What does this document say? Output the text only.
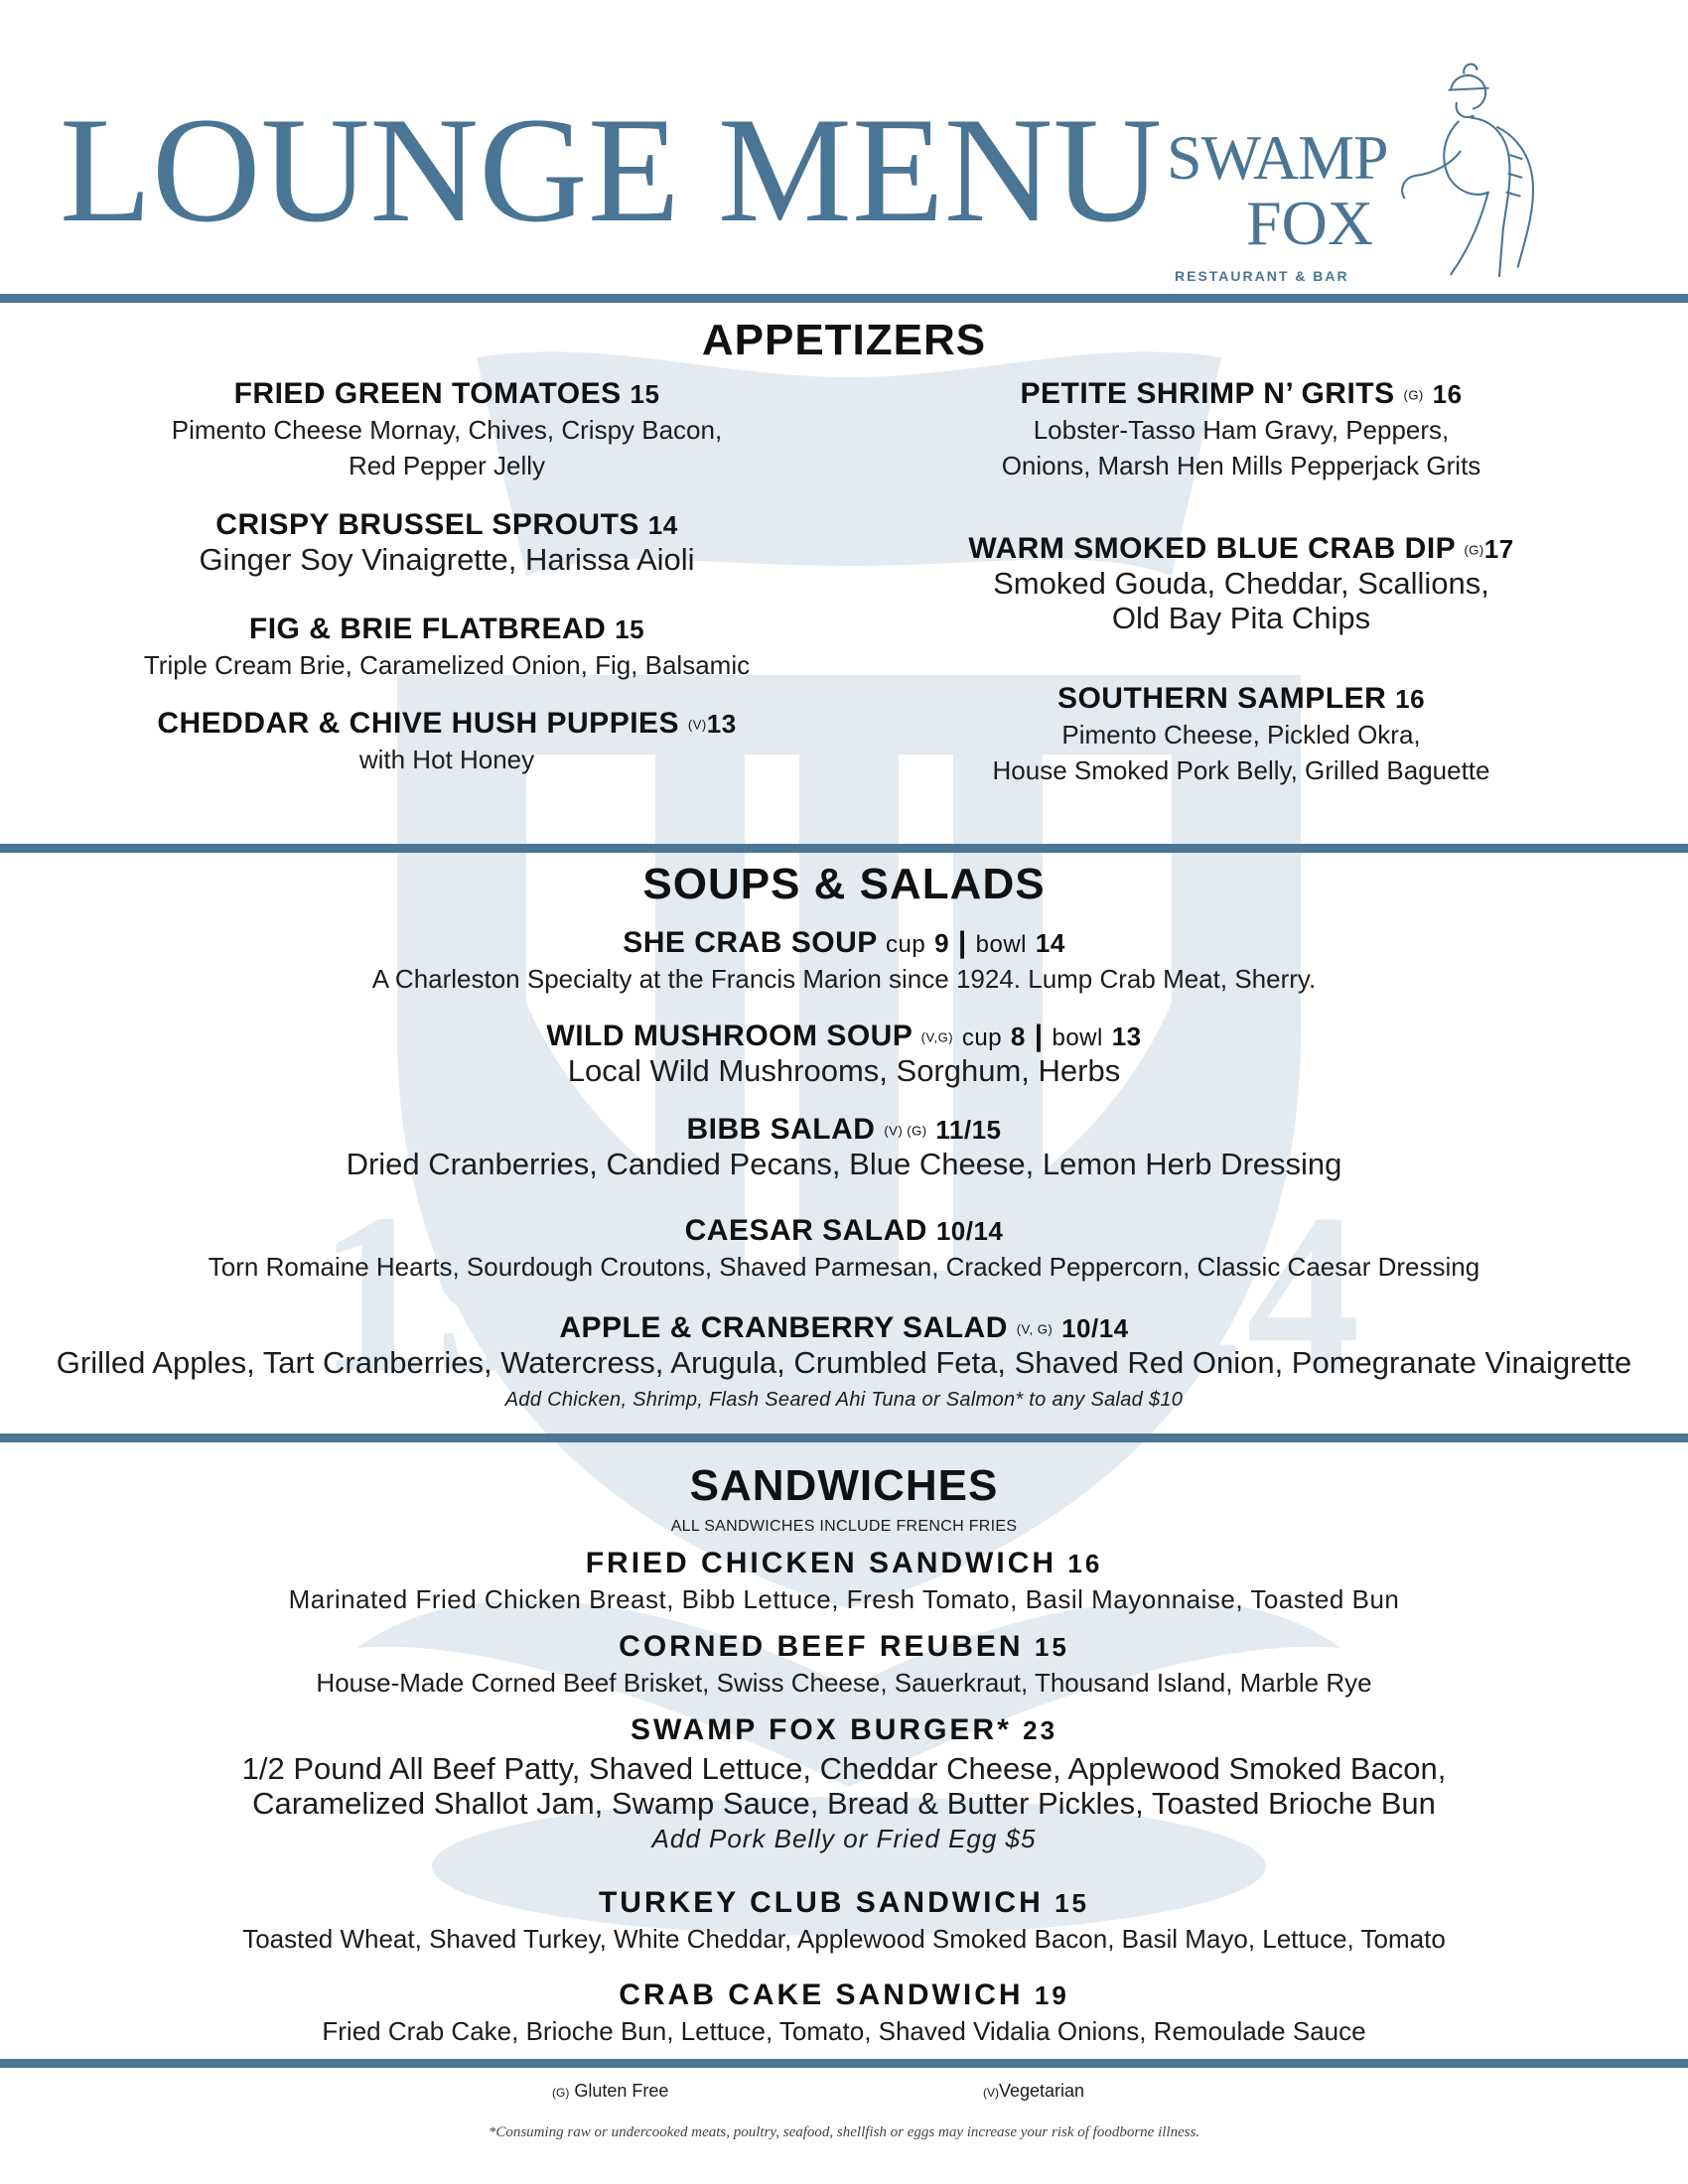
19	24
LOUNGE MENU SWAMP
FOX
RESTAURANT & BAR
APPETIZERS
FRIED GREEN TOMATOES 15
Pimento Cheese Mornay, Chives, Crispy Bacon,
Red Pepper Jelly
CRISPY BRUSSEL SPROUTS 14
Ginger Soy Vinaigrette, Harissa Aioli
FIG & BRIE FLATBREAD 15
Triple Cream Brie, Caramelized Onion, Fig, Balsamic
CHEDDAR & CHIVE HUSH PUPPIES (V)13
with Hot Honey
PETITE SHRIMP N’ GRITS (G) 16
Lobster-Tasso Ham Gravy, Peppers,
Onions, Marsh Hen Mills Pepperjack Grits
WARM SMOKED BLUE CRAB DIP (G)17
Smoked Gouda, Cheddar, Scallions,
Old Bay Pita Chips
SOUTHERN SAMPLER 16
Pimento Cheese, Pickled Okra,
House Smoked Pork Belly, Grilled Baguette
SOUPS & SALADS
SHE CRAB SOUP cup 9 | bowl 14
A Charleston Specialty at the Francis Marion since 1924. Lump Crab Meat, Sherry.
WILD MUSHROOM SOUP (V,G) cup 8 | bowl 13
Local Wild Mushrooms, Sorghum, Herbs
BIBB SALAD (V) (G) 11/15
Dried Cranberries, Candied Pecans, Blue Cheese, Lemon Herb Dressing
CAESAR SALAD 10/14
Torn Romaine Hearts, Sourdough Croutons, Shaved Parmesan, Cracked Peppercorn, Classic Caesar Dressing
APPLE & CRANBERRY SALAD (V, G) 10/14
Grilled Apples, Tart Cranberries, Watercress, Arugula, Crumbled Feta, Shaved Red Onion, Pomegranate Vinaigrette
Add Chicken, Shrimp, Flash Seared Ahi Tuna or Salmon* to any Salad $10
SANDWICHES
ALL SANDWICHES INCLUDE FRENCH FRIES
FRIED CHICKEN SANDWICH 16
Marinated Fried Chicken Breast, Bibb Lettuce, Fresh Tomato, Basil Mayonnaise, Toasted Bun
CORNED BEEF REUBEN 15
House-Made Corned Beef Brisket, Swiss Cheese, Sauerkraut, Thousand Island, Marble Rye
SWAMP FOX BURGER* 23
1/2 Pound All Beef Patty, Shaved Lettuce, Cheddar Cheese, Applewood Smoked Bacon,
Caramelized Shallot Jam, Swamp Sauce, Bread & Butter Pickles, Toasted Brioche Bun
Add Pork Belly or Fried Egg $5
TURKEY CLUB SANDWICH 15
Toasted Wheat, Shaved Turkey, White Cheddar, Applewood Smoked Bacon, Basil Mayo, Lettuce, Tomato
CRAB CAKE SANDWICH 19
Fried Crab Cake, Brioche Bun, Lettuce, Tomato, Shaved Vidalia Onions, Remoulade Sauce
(G) Gluten Free	(V)Vegetarian
*Consuming raw or undercooked meats, poultry, seafood, shellfish or eggs may increase your risk of foodborne illness.
